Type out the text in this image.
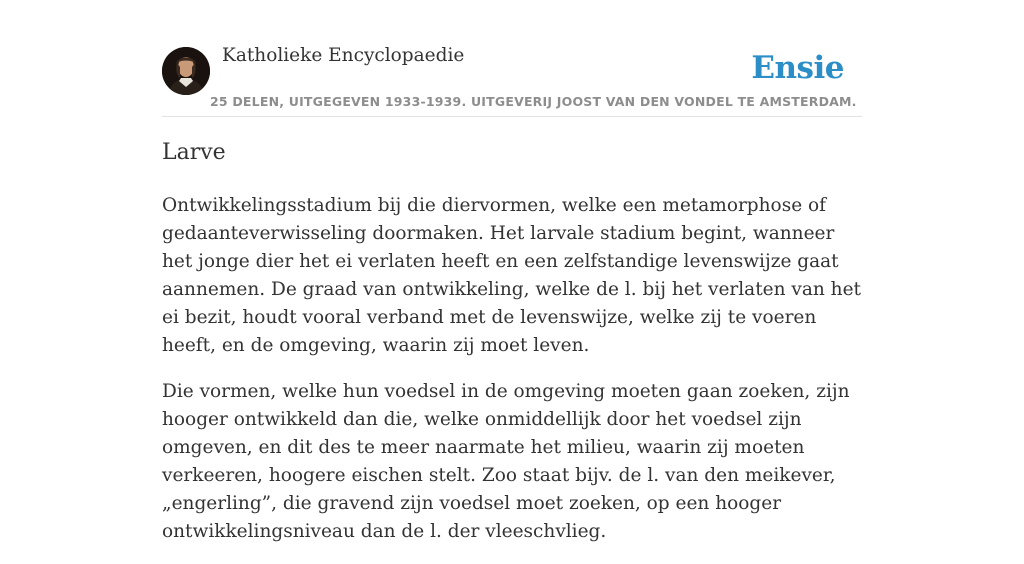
Katholieke Encyclopaedie
25 DELEN, UITGEGEVEN 1933-1939. UITGEVERIJ JOOST VAN DEN VONDEL TE AMSTERDAM.
Ensie
Larve

Ontwikkelingsstadium bij die diervormen, welke een metamorphose of gedaanteverwisseling doormaken. Het larvale stadium begint, wanneer het jonge dier het ei verlaten heeft en een zelfstandige levenswijze gaat aannemen. De graad van ontwikkeling, welke de l. bij het verlaten van het ei bezit, houdt vooral verband met de levenswijze, welke zij te voeren heeft, en de omgeving, waarin zij moet leven.

Die vormen, welke hun voedsel in de omgeving moeten gaan zoeken, zijn hooger ontwikkeld dan die, welke onmiddellijk door het voedsel zijn omgeven, en dit des te meer naarmate het milieu, waarin zij moeten verkeeren, hoogere eischen stelt. Zoo staat bijv. de l. van den meikever, „engerling”, die gravend zijn voedsel moet zoeken, op een hooger ontwikkelingsniveau dan de l. der vleeschvlieg.
